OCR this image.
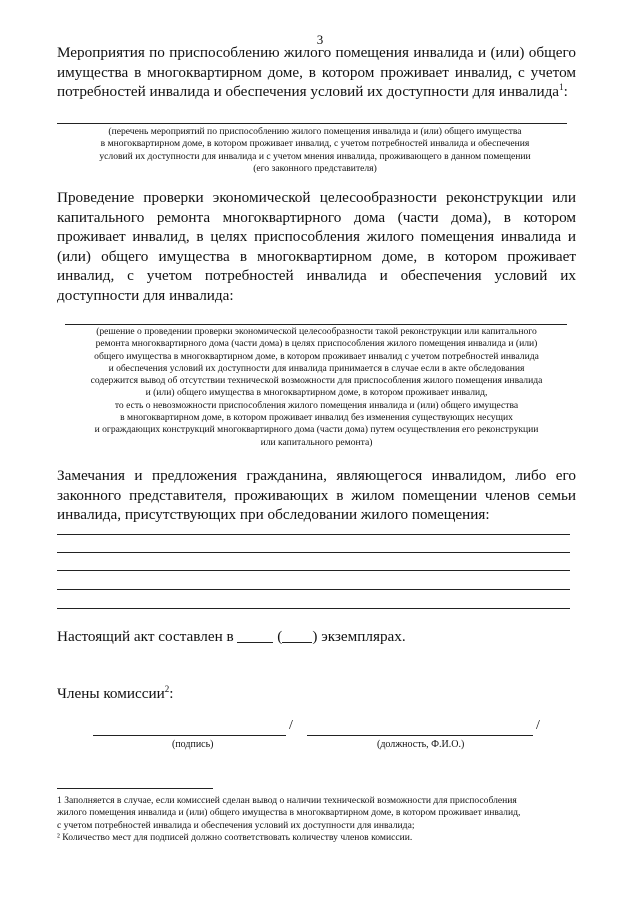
3
Мероприятия по приспособлению жилого помещения инвалида и (или) общего
имущества в многоквартирном доме, в котором проживает инвалид, с учетом
потребностей инвалида и обеспечения условий их доступности для инвалида$^1$:
(перечень мероприятий по приспособлению жилого помещения инвалида и (или) общего имущества
в многоквартирном доме, в котором проживает инвалид, с учетом потребностей инвалида и обеспечения
условий их доступности для инвалида и с учетом мнения инвалида, проживающего в данном помещении
(его законного представителя)
Проведение проверки экономической целесообразности реконструкции или
капитального ремонта многоквартирного дома (части дома), в котором
проживает инвалид, в целях приспособления жилого помещения инвалида и
(или) общего имущества в многоквартирном доме, в котором проживает
инвалид, с учетом потребностей инвалида и обеспечения условий их
доступности для инвалида:
(решение о проведении проверки экономической целесообразности такой реконструкции или капитального
ремонта многоквартирного дома (части дома) в целях приспособления жилого помещения инвалида и (или)
общего имущества в многоквартирном доме, в котором проживает инвалид с учетом потребностей инвалида
и обеспечения условий их доступности для инвалида принимается в случае если в акте обследования
содержится вывод об отсутствии технической возможности для приспособления жилого помещения инвалида
и (или) общего имущества в многоквартирном доме, в котором проживает инвалид,
то есть о невозможности приспособления жилого помещения инвалида и (или) общего имущества
в многоквартирном доме, в котором проживает инвалид без изменения существующих несущих
и ограждающих конструкций многоквартирного дома (части дома) путем осуществления его реконструкции
или капитального ремонта)
Замечания и предложения гражданина, являющегося инвалидом, либо его
законного представителя, проживающих в жилом помещении членов семьи
инвалида, присутствующих при обследовании жилого помещения:
Настоящий акт составлен в	( ) экземплярах.
Члены комиссии$^2$:
/	/
(подпись)	(должность, Ф.И.О.)
1 Заполняется в случае, если комиссией сделан вывод о наличии технической возможности для приспособления
жилого помещения инвалида и (или) общего имущества в многоквартирном доме, в котором проживает инвалид,
с учетом потребностей инвалида и обеспечения условий их доступности для инвалида;
² Количество мест для подписей должно соответствовать количеству членов комиссии.
